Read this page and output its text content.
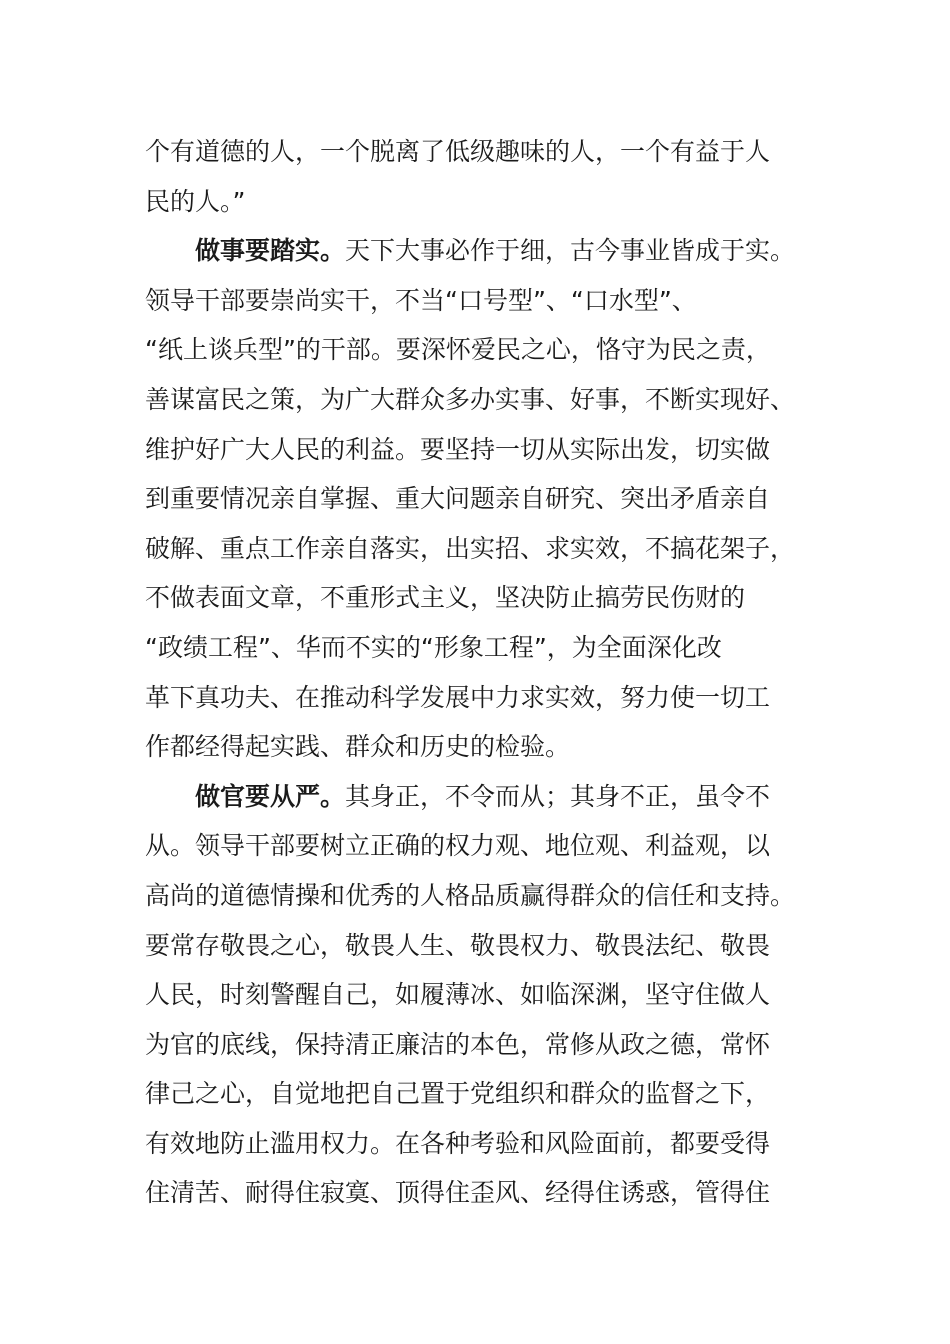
个有道德的人，一个脱离了低级趣味的人，一个有益于人
民的人。”
做事要踏实。天下大事必作于细，古今事业皆成于实。
领导干部要崇尚实干，不当“口号型”、“口水型”、
“纸上谈兵型”的干部。要深怀爱民之心，恪守为民之责，
善谋富民之策，为广大群众多办实事、好事，不断实现好、
维护好广大人民的利益。要坚持一切从实际出发，切实做
到重要情况亲自掌握、重大问题亲自研究、突出矛盾亲自
破解、重点工作亲自落实，出实招、求实效，不搞花架子，
不做表面文章，不重形式主义，坚决防止搞劳民伤财的
“政绩工程”、华而不实的“形象工程”，为全面深化改
革下真功夫、在推动科学发展中力求实效，努力使一切工
作都经得起实践、群众和历史的检验。
做官要从严。其身正，不令而从；其身不正，虽令不
从。领导干部要树立正确的权力观、地位观、利益观，以
高尚的道德情操和优秀的人格品质赢得群众的信任和支持。
要常存敬畏之心，敬畏人生、敬畏权力、敬畏法纪、敬畏
人民，时刻警醒自己，如履薄冰、如临深渊，坚守住做人
为官的底线，保持清正廉洁的本色，常修从政之德，常怀
律己之心，自觉地把自己置于党组织和群众的监督之下，
有效地防止滥用权力。在各种考验和风险面前，都要受得
住清苦、耐得住寂寞、顶得住歪风、经得住诱惑，管得住
